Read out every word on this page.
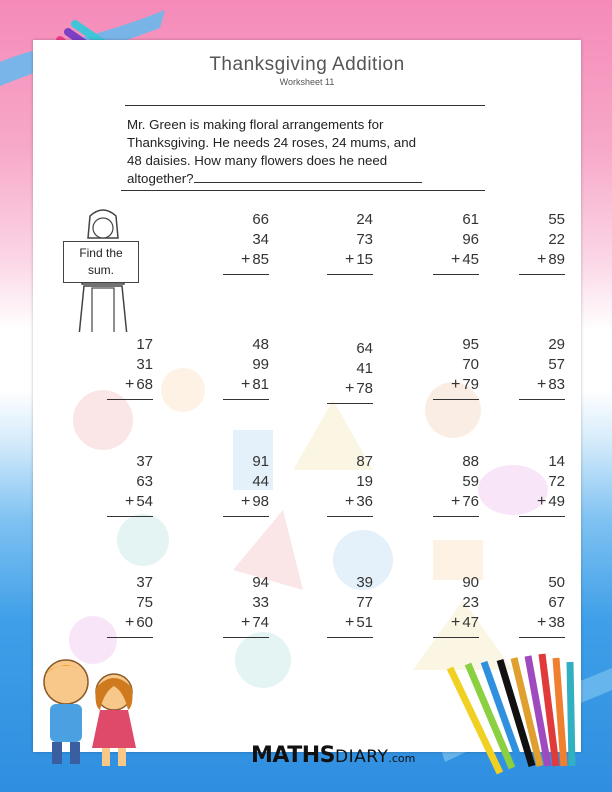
Thanksgiving Addition
Worksheet 11
Mr. Green is making floral arrangements for
Thanksgiving. He needs 24 roses, 24 mums, and
48 daisies. How many flowers does he need
altogether?
Find the
sum.
66
34
+ 85
24
73
+ 15
61
96
+ 45
55
22
+ 89
17
31
+ 68
48
99
+ 81
64
41
+ 78
95
70
+ 79
29
57
+ 83
37
63
+ 54
91
44
+ 98
87
19
+ 36
88
59
+ 76
14
72
+ 49
37
75
+ 60
94
33
+ 74
39
77
+ 51
90
23
+ 47
50
67
+ 38
MATHSDIARY.com
